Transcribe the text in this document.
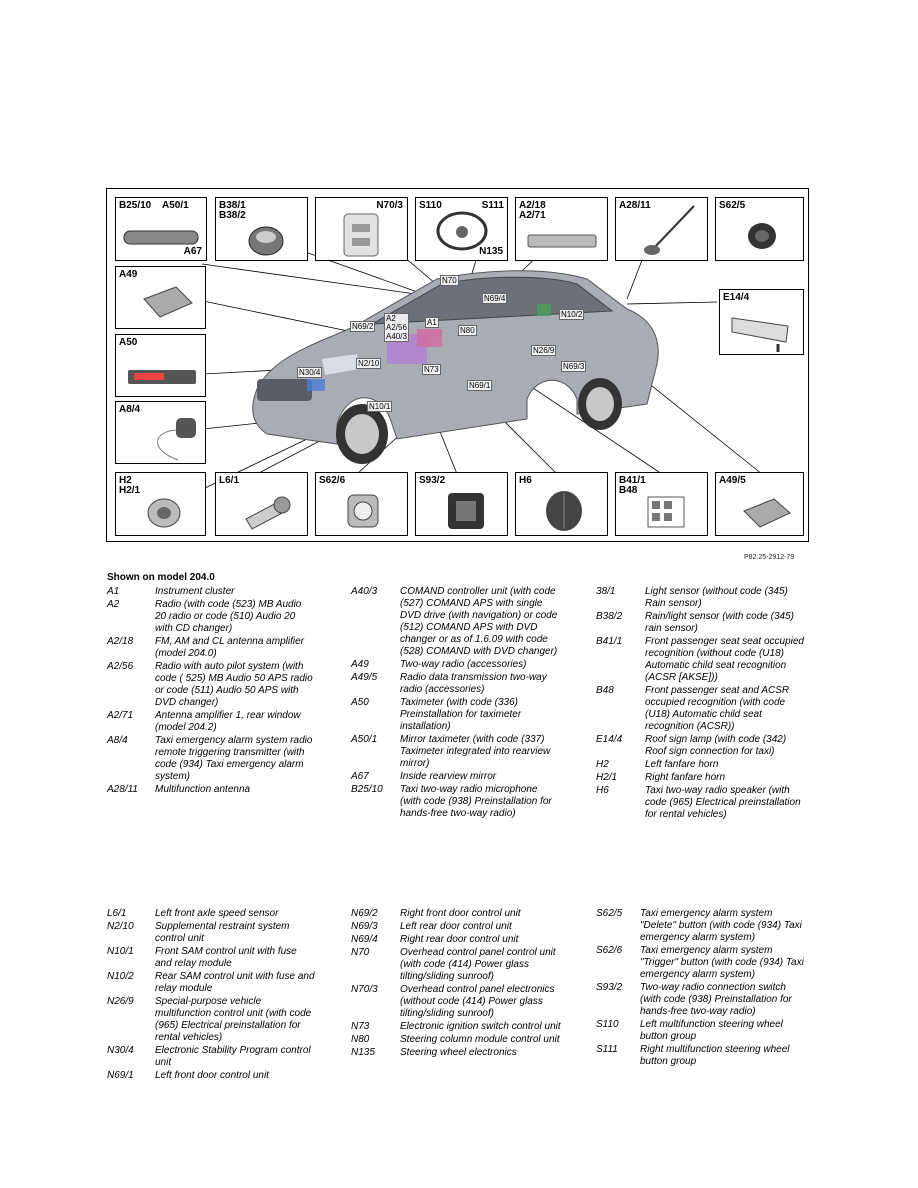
B25/10    A50/1
A67
B38/1
B38/2
N70/3 S110	S111
N135
A2/18
A2/71
A28/11	S62/5
A49
A50
A8/4
E14/4
H2
H2/1
L6/1	S62/6	S93/2	H6	B41/1
B48
A49/5
N70
N69/4
N69/2
A2
A2/56
A40/3
A1
N80
N10/2
N26/9
N69/3
N2/10
N30/4	N73
N69/1
N10/1
P82.25-2912-79
Shown on model 204.0
A1	Instrument cluster
A2	Radio (with code (523) MB Audio 20 radio or code (510) Audio 20 with CD changer)
A2/18	FM, AM and CL antenna amplifier (model 204.0)
A2/56	Radio with auto pilot system (with code ( 525) MB Audio 50 APS radio or code (511) Audio 50 APS with DVD changer)
A2/71	Antenna amplifier 1, rear window (model 204.2)
A8/4	Taxi emergency alarm system radio remote triggering transmitter (with code (934) Taxi emergency alarm system)
A28/11	Multifunction antenna
A40/3	COMAND controller unit (with code (527) COMAND APS with single DVD drive (with navigation) or code (512) COMAND APS with DVD changer or as of 1.6.09 with code (528) COMAND with DVD changer)
A49	Two-way radio (accessories)
A49/5	Radio data transmission two-way radio (accessories)
A50	Taximeter (with code (336) Preinstallation for taximeter installation)
A50/1	Mirror taximeter (with code (337) Taximeter integrated into rearview mirror)
A67	Inside rearview mirror
B25/10	Taxi two-way radio microphone (with code (938) Preinstallation for hands-free two-way radio)
38/1	Light sensor (without code (345) Rain sensor)
B38/2	Rain/light sensor (with code (345) rain sensor)
B41/1	Front passenger seat seat occupied recognition (without code (U18) Automatic child seat recognition (ACSR [AKSE]))
B48	Front passenger seat and ACSR occupied recognition (with code (U18) Automatic child seat recognition (ACSR))
E14/4	Roof sign lamp (with code (342) Roof sign connection for taxi)
H2	Left fanfare horn
H2/1	Right fanfare horn
H6	Taxi two-way radio speaker (with code (965) Electrical preinstallation for rental vehicles)
L6/1	Left front axle speed sensor
N2/10	Supplemental restraint system control unit
N10/1	Front SAM control unit with fuse and relay module
N10/2	Rear SAM control unit with fuse and relay module
N26/9	Special-purpose vehicle multifunction control unit (with code (965) Electrical preinstallation for rental vehicles)
N30/4	Electronic Stability Program control unit
N69/1	Left front door control unit
N69/2	Right front door control unit
N69/3	Left rear door control unit
N69/4	Right rear door control unit
N70	Overhead control panel control unit (with code (414) Power glass tilting/sliding sunroof)
N70/3	Overhead control panel electronics (without code (414) Power glass tilting/sliding sunroof)
N73	Electronic ignition switch control unit
N80	Steering column module control unit
N135	Steering wheel electronics
S62/5	Taxi emergency alarm system "Delete" button (with code (934) Taxi emergency alarm system)
S62/6	Taxi emergency alarm system "Trigger" button (with code (934) Taxi emergency alarm system)
S93/2	Two-way radio connection switch (with code (938) Preinstallation for hands-free two-way radio)
S110	Left multifunction steering wheel button group
S111	Right multifunction steering wheel button group
